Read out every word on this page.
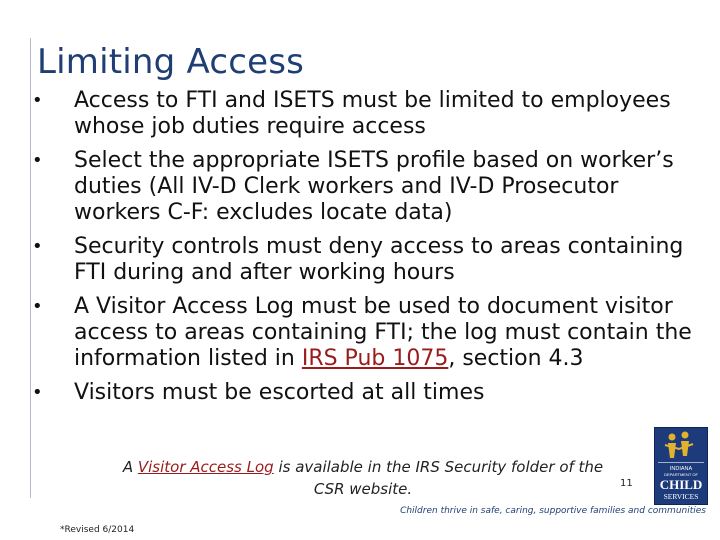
Limiting Access
• Access to FTI and ISETS must be limited to employees whose job duties require access
• Select the appropriate ISETS profile based on worker’s duties (All IV-D Clerk workers and IV-D Prosecutor workers C-F: excludes locate data)
• Security controls must deny access to areas containing FTI during and after working hours
• A Visitor Access Log must be used to document visitor access to areas containing FTI; the log must contain the information listed in IRS Pub 1075, section 4.3
• Visitors must be escorted at all times
A Visitor Access Log is available in the IRS Security folder of the CSR website.	11
INDIANA
DEPARTMENT OF
CHILD
SERVICES
Children thrive in safe, caring, supportive families and communities
*Revised 6/2014
